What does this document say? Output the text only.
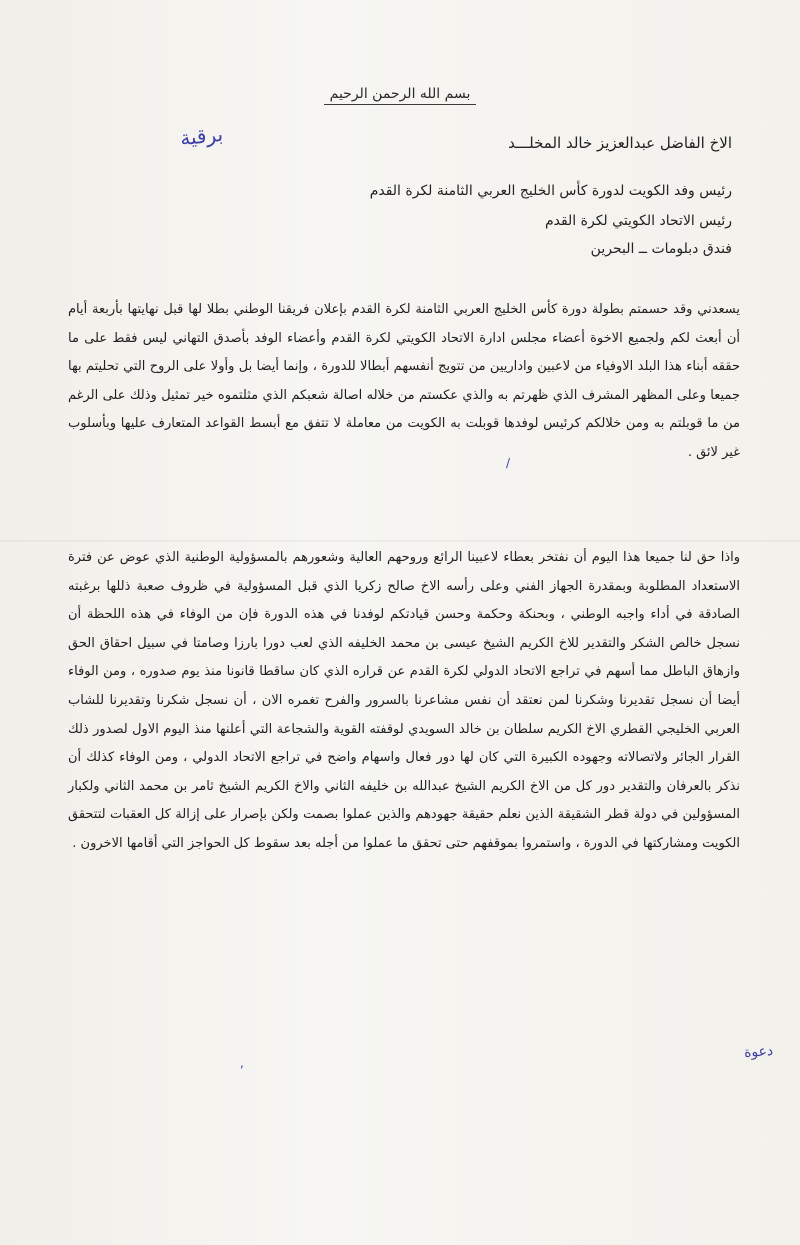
بسم الله الرحمن الرحيم
برقية	الاخ الفاضل عبدالعزيز خالد المخلـــد
رئيس وفد الكويت لدورة كأس الخليج العربي الثامنة لكرة القدم
رئيس الاتحاد الكويتي لكرة القدم
فندق دبلومات ــ البحرين
يسعدني وقد حسمتم بطولة دورة كأس الخليج العربي الثامنة لكرة القدم بإعلان فريقنا الوطني بطلا لها قبل نهايتها بأربعة أيام أن أبعث لكم ولجميع الاخوة أعضاء مجلس ادارة الاتحاد الكويتي لكرة القدم وأعضاء الوفد بأصدق التهاني ليس فقط على ما حققه أبناء هذا البلد الاوفياء من لاعبين واداريين من تتويج أنفسهم أبطالا للدورة ، وإنما أيضا بل وأولا على الروح التي تحليتم بها جميعا وعلى المظهر المشرف الذي ظهرتم به والذي عكستم من خلاله اصالة شعبكم الذي مثلتموه خير تمثيل وذلك على الرغم من ما قوبلتم به ومن خلالكم كرئيس لوفدها قوبلت به الكويت من معاملة لا تتفق مع أبسط القواعد المتعارف عليها وبأسلوب غير لائق .
واذا حق لنا جميعا هذا اليوم أن نفتخر بعطاء لاعبينا الرائع وروحهم العالية وشعورهم بالمسؤولية الوطنية الذي عوض عن فترة الاستعداد المطلوبة وبمقدرة الجهاز الفني وعلى رأسه الاخ صالح زكريا الذي قبل المسؤولية في ظروف صعبة ذللها برغبته الصادقة في أداء واجبه الوطني ، وبحنكة وحكمة وحسن قيادتكم لوفدنا في هذه الدورة فإن من الوفاء في هذه اللحظة أن نسجل خالص الشكر والتقدير للاخ الكريم الشيخ عيسى بن محمد الخليفه الذي لعب دورا بارزا وصامتا في سبيل احقاق الحق وازهاق الباطل مما أسهم في تراجع الاتحاد الدولي لكرة القدم عن قراره الذي كان ساقطا قانونا منذ يوم صدوره ، ومن الوفاء أيضا أن نسجل تقديرنا وشكرنا لمن نعتقد أن نفس مشاعرنا بالسرور والفرح تغمره الان ، أن نسجل شكرنا وتقديرنا للشاب العربي الخليجي القطري الاخ الكريم سلطان بن خالد السويدي لوقفته القوية والشجاعة التي أعلنها منذ اليوم الاول لصدور ذلك القرار الجائر ولاتصالاته وجهوده الكبيرة التي كان لها دور فعال واسهام واضح في تراجع الاتحاد الدولي ، ومن الوفاء كذلك أن نذكر بالعرفان والتقدير دور كل من الاخ الكريم الشيخ عبدالله بن خليفه الثاني والاخ الكريم الشيخ ثامر بن محمد الثاني ولكبار المسؤولين في دولة قطر الشقيقة الذين نعلم حقيقة جهودهم والذين عملوا بصمت ولكن بإصرار على إزالة كل العقبات لتتحقق الكويت ومشاركتها في الدورة ، واستمروا بموقفهم حتى تحقق ما عملوا من أجله بعد سقوط كل الحواجز التي أقامها الاخرون .
دعوة
/
,
